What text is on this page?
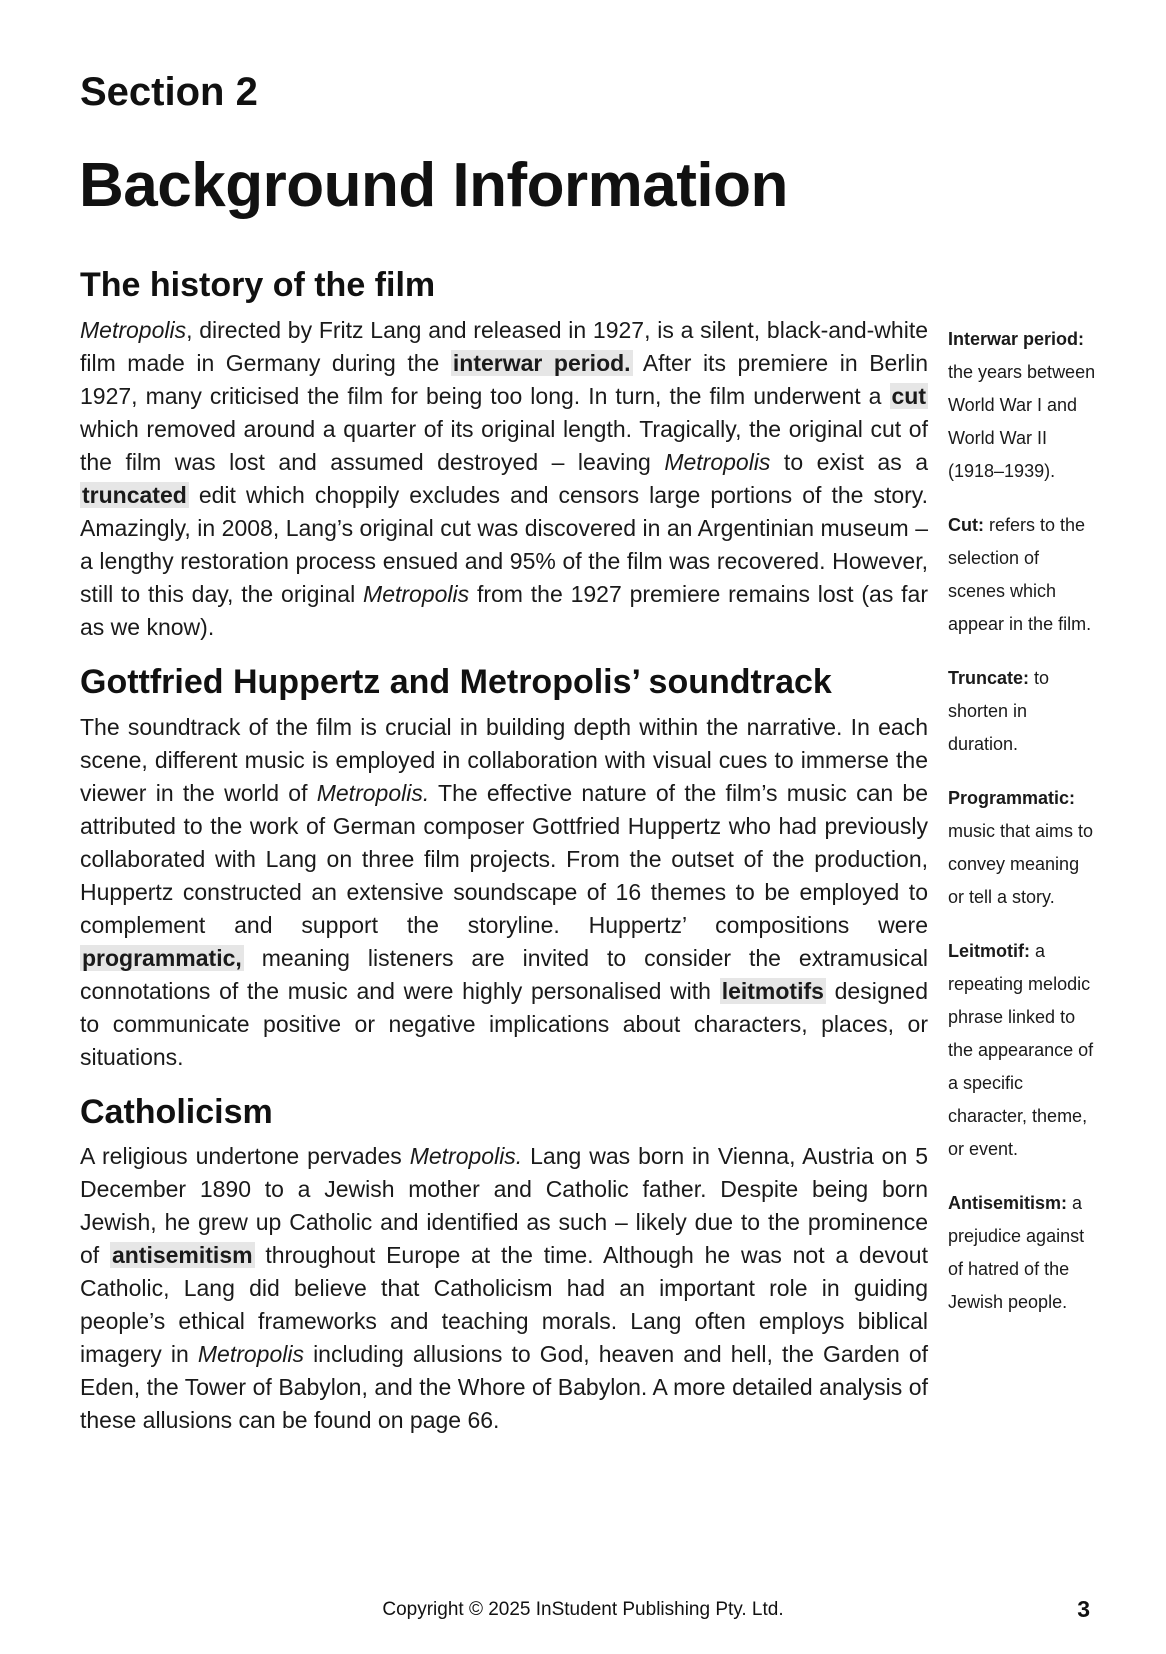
Section 2
Background Information
The history of the film

Metropolis, directed by Fritz Lang and released in 1927, is a silent, black-and-white film made in Germany during the interwar period. After its premiere in Berlin 1927, many criticised the film for being too long. In turn, the film underwent a cut which removed around a quarter of its original length. Tragically, the original cut of the film was lost and assumed destroyed – leaving Metropolis to exist as a truncated edit which choppily excludes and censors large portions of the story. Amazingly, in 2008, Lang’s original cut was discovered in an Argentinian museum – a lengthy restoration process ensued and 95% of the film was recovered. However, still to this day, the original Metropolis from the 1927 premiere remains lost (as far as we know).

Gottfried Huppertz and Metropolis’ soundtrack

The soundtrack of the film is crucial in building depth within the narrative. In each scene, different music is employed in collaboration with visual cues to immerse the viewer in the world of Metropolis. The effective nature of the film’s music can be attributed to the work of German composer Gottfried Huppertz who had previously collaborated with Lang on three film projects. From the outset of the production, Huppertz constructed an extensive soundscape of 16 themes to be employed to complement and support the storyline. Huppertz’ compositions were programmatic, meaning listeners are invited to consider the extramusical connotations of the music and were highly personalised with leitmotifs designed to communicate positive or negative implications about characters, places, or situations.

Catholicism

A religious undertone pervades Metropolis. Lang was born in Vienna, Austria on 5 December 1890 to a Jewish mother and Catholic father. Despite being born Jewish, he grew up Catholic and identified as such – likely due to the prominence of antisemitism throughout Europe at the time. Although he was not a devout Catholic, Lang did believe that Catholicism had an important role in guiding people’s ethical frameworks and teaching morals. Lang often employs biblical imagery in Metropolis including allusions to God, heaven and hell, the Garden of Eden, the Tower of Babylon, and the Whore of Babylon. A more detailed analysis of these allusions can be found on page 66.

Interwar period: the years between World War I and World War II (1918–1939).
Cut: refers to the selection of scenes which appear in the film.
Truncate: to shorten in duration.
Programmatic: music that aims to convey meaning or tell a story.
Leitmotif: a repeating melodic phrase linked to the appearance of a specific character, theme, or event.
Antisemitism: a prejudice against of hatred of the Jewish people.
Copyright © 2025 InStudent Publishing Pty. Ltd.	3
